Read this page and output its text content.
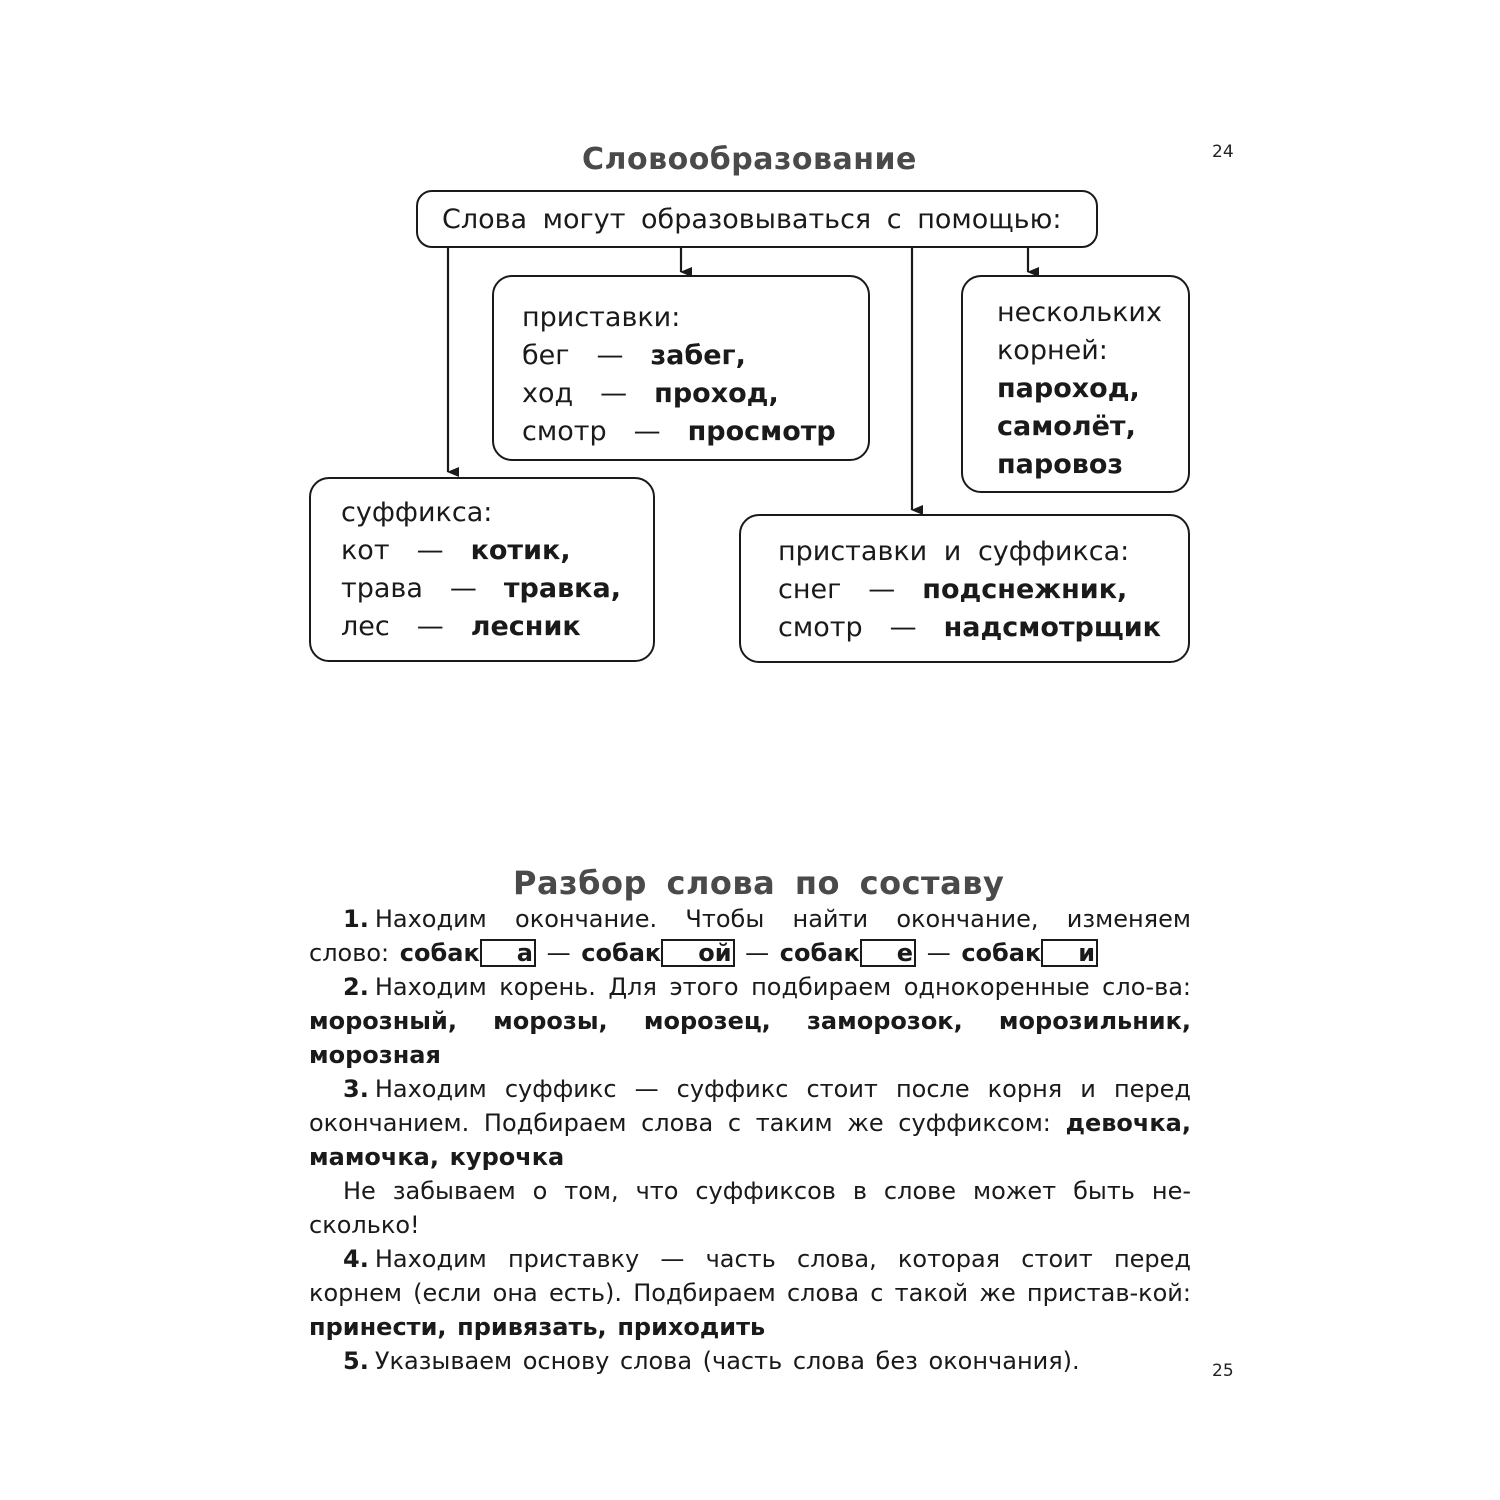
24
Словообразование
Слова могут образовываться с помощью:
приставки:
бег — забег,
ход — проход,
смотр — просмотр
нескольких
корней:
пароход,
самолёт,
паровоз
суффикса:
кот — котик,
трава — травка,
лес — лесник
приставки и суффикса:
снег — подснежник,
смотр — надсмотрщик
Разбор слова по составу
1. Находим окончание. Чтобы найти окончание, изменяем слово: собак а — собак ой — собак е — собак и
2. Находим корень. Для этого подбираем однокоренные сло-ва: морозный, морозы, морозец, заморозок, морозильник, морозная
3. Находим суффикс — суффикс стоит после корня и перед окончанием. Подбираем слова с таким же суффиксом: девочка, мамочка, курочка
Не забываем о том, что суффиксов в слове может быть не-сколько!
4. Находим приставку — часть слова, которая стоит перед корнем (если она есть). Подбираем слова с такой же пристав-кой: принести, привязать, приходить
5. Указываем основу слова (часть слова без окончания).	25
